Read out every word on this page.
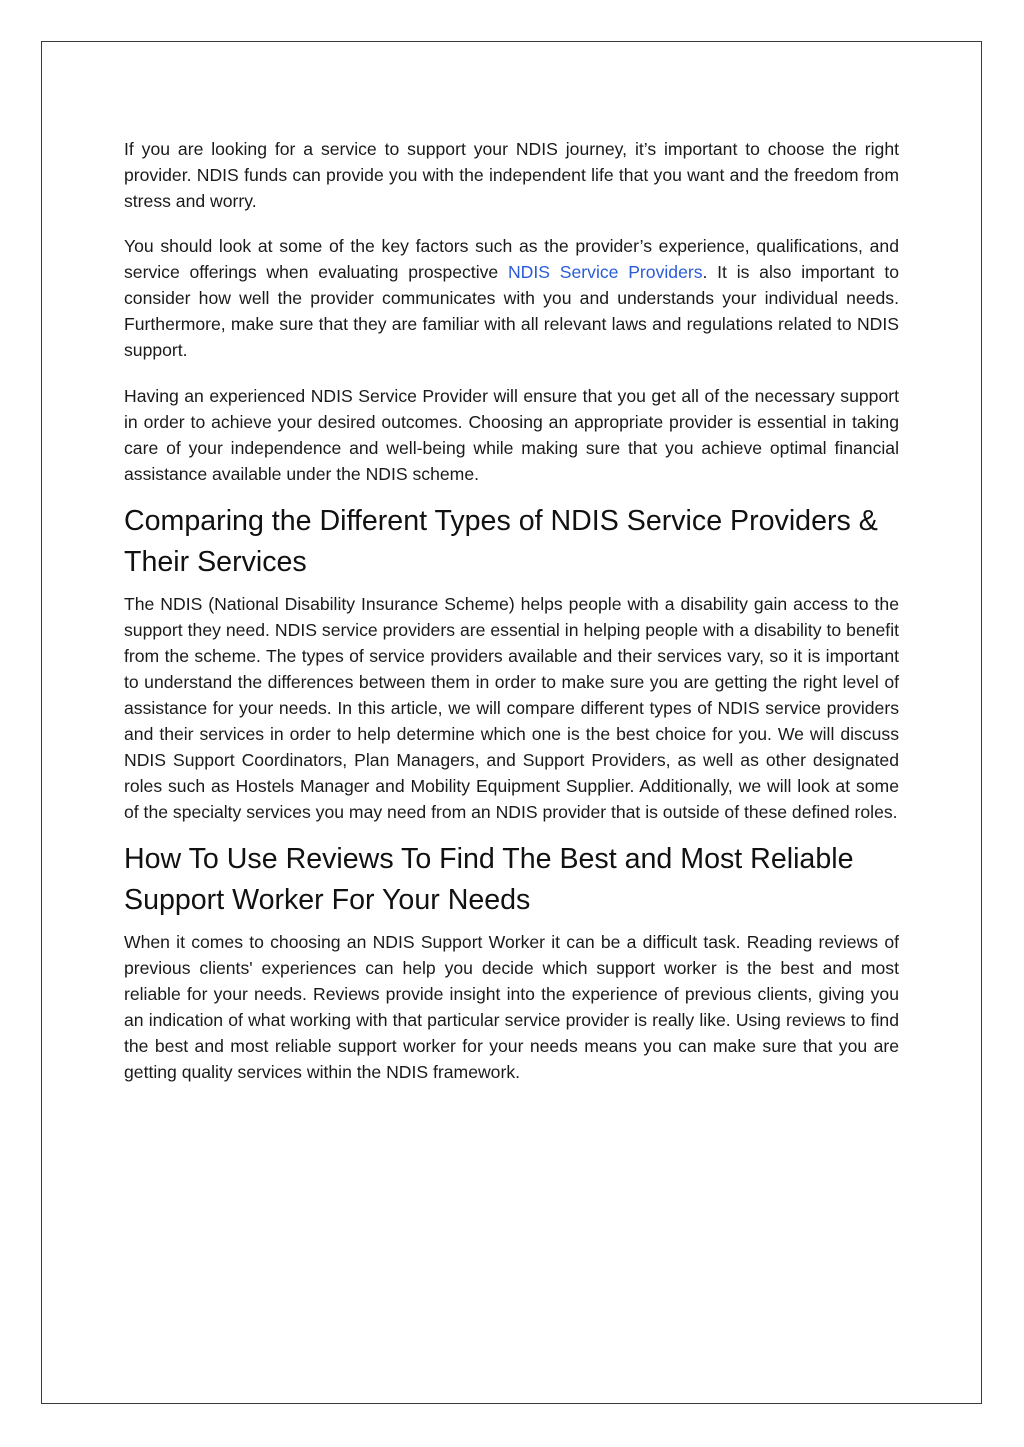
If you are looking for a service to support your NDIS journey, it’s important to choose the right provider. NDIS funds can provide you with the independent life that you want and the freedom from stress and worry.

You should look at some of the key factors such as the provider’s experience, qualifications, and service offerings when evaluating prospective NDIS Service Providers. It is also important to consider how well the provider communicates with you and understands your individual needs. Furthermore, make sure that they are familiar with all relevant laws and regulations related to NDIS support.

Having an experienced NDIS Service Provider will ensure that you get all of the necessary support in order to achieve your desired outcomes. Choosing an appropriate provider is essential in taking care of your independence and well-being while making sure that you achieve optimal financial assistance available under the NDIS scheme.

Comparing the Different Types of NDIS Service Providers & Their Services

The NDIS (National Disability Insurance Scheme) helps people with a disability gain access to the support they need. NDIS service providers are essential in helping people with a disability to benefit from the scheme. The types of service providers available and their services vary, so it is important to understand the differences between them in order to make sure you are getting the right level of assistance for your needs. In this article, we will compare different types of NDIS service providers and their services in order to help determine which one is the best choice for you. We will discuss NDIS Support Coordinators, Plan Managers, and Support Providers, as well as other designated roles such as Hostels Manager and Mobility Equipment Supplier. Additionally, we will look at some of the specialty services you may need from an NDIS provider that is outside of these defined roles.

How To Use Reviews To Find The Best and Most Reliable Support Worker For Your Needs

When it comes to choosing an NDIS Support Worker it can be a difficult task. Reading reviews of previous clients' experiences can help you decide which support worker is the best and most reliable for your needs. Reviews provide insight into the experience of previous clients, giving you an indication of what working with that particular service provider is really like. Using reviews to find the best and most reliable support worker for your needs means you can make sure that you are getting quality services within the NDIS framework.
